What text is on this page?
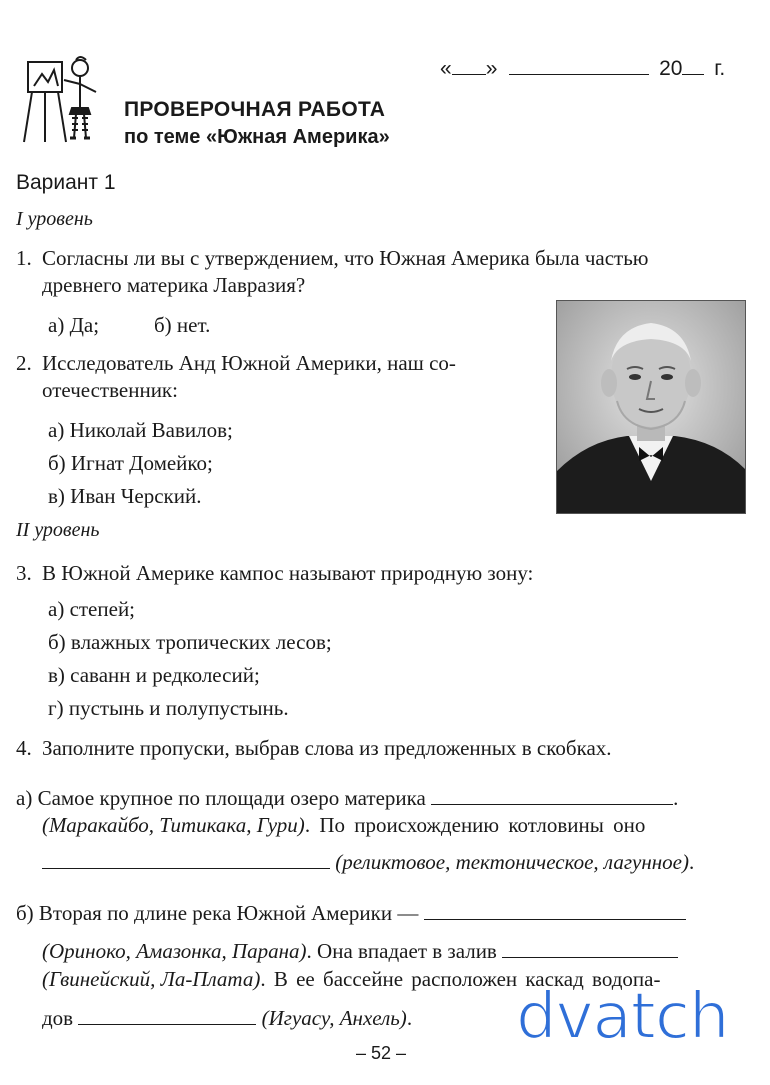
« »	20 г.
ПРОВЕРОЧНАЯ РАБОТА
по теме «Южная Америка»
Вариант 1
I уровень
1. Согласны ли вы с утверждением, что Южная Америка была частью
древнего материка Лавразия?
а) Да;	б) нет.
2. Исследователь Анд Южной Америки, наш со-
отечественник:
а) Николай Вавилов;
б) Игнат Домейко;
в) Иван Черский.
II уровень
3. В Южной Америке кампос называют природную зону:
а) степей;
б) влажных тропических лесов;
в) саванн и редколесий;
г) пустынь и полупустынь.
4. Заполните пропуски, выбрав слова из предложенных в скобках.
а) Самое крупное по площади озеро материка	.
(Маракайбо, Титикака, Гури). По происхождению котловины оно
(реликтовое, тектоническое, лагунное).
б) Вторая по длине река Южной Америки —
(Ориноко, Амазонка, Парана). Она впадает в залив
(Гвинейский, Ла-Плата). В ее бассейне расположен каскад водопа-
дов	(Игуасу, Анхель).
– 52 – dvatch
